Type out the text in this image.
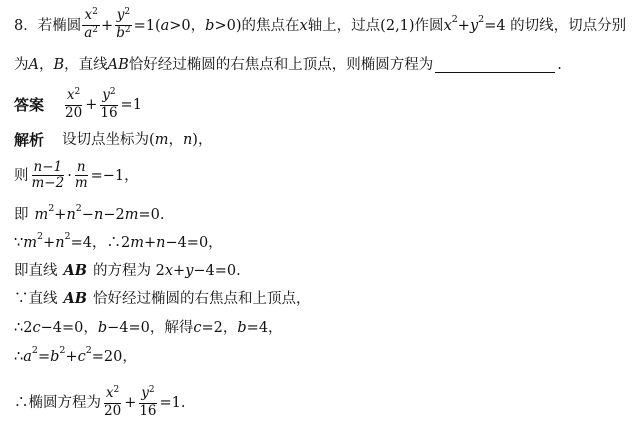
8． 若椭圆 $\frac{x^2}{a^2} + \frac{y^2}{b^2} =1$( a >0， b >0)的焦点在 x 轴上，过点(2,1)作圆 $x^2 + y^2 =4$ 的切线，切点分别
为 A ， B ，直线 AB 恰好经过椭圆的右焦点和上顶点，则椭圆方程为	.
答案 $\frac{x^2}{20} + \frac{y^2}{16} =1$
解析 设切点坐标为( m ， n )，
则 $\frac{n-1}{m-2} \cdot \frac{n}{m} =-1$，
即 $m^2 + n^2 - n -2$ m =0.
∵ $m^2 + n^2 =4$，∴2 m + n −4=0，
即直线 AB 的方程为 2 x + y −4=0.
∵直线 AB 恰好经过椭圆的右焦点和上顶点，
∴2 c −4=0， b −4=0，解得 c =2， b =4，
∴ $a^2 = b^2 + c^2 =20$，
∴椭圆方程为 $\frac{x^2}{20} + \frac{y^2}{16} =1$.
